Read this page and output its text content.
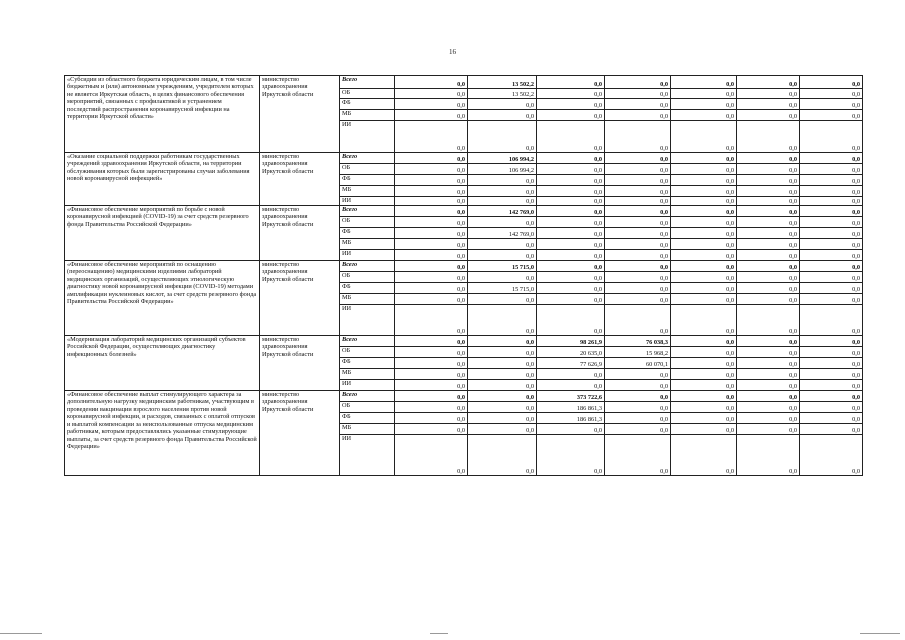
16
«Субсидии из областного бюджета юридическим лицам, в том числе бюджетным и (или) автономным учреждениям, учредителем которых не является Иркутская область, в целях финансового обеспечения мероприятий, связанных с профилактикой и устранением последствий распространения коронавирусной инфекции на территории Иркутской области»	министерство здравоохранения Иркутской области	Всего	0,0	13 502,2	0,0	0,0	0,0	0,0	0,0
		ОБ	0,0	13 502,2	0,0	0,0	0,0	0,0	0,0
		ФБ	0,0	0,0	0,0	0,0	0,0	0,0	0,0
		МБ	0,0	0,0	0,0	0,0	0,0	0,0	0,0
		ИИ	0,0	0,0	0,0	0,0	0,0	0,0	0,0
«Оказание социальной поддержки работникам государственных учреждений здравоохранения Иркутской области, на территории обслуживания которых были зарегистрированы случаи заболевания новой коронавирусной инфекцией»	министерство здравоохранения Иркутской области	Всего	0,0	106 994,2	0,0	0,0	0,0	0,0	0,0
		ОБ	0,0	106 994,2	0,0	0,0	0,0	0,0	0,0
		ФБ	0,0	0,0	0,0	0,0	0,0	0,0	0,0
		МБ	0,0	0,0	0,0	0,0	0,0	0,0	0,0
		ИИ	0,0	0,0	0,0	0,0	0,0	0,0	0,0
«Финансовое обеспечение мероприятий по борьбе с новой коронавирусной инфекцией (COVID-19) за счет средств резервного фонда Правительства Российской Федерации»	министерство здравоохранения Иркутской области	Всего	0,0	142 769,0	0,0	0,0	0,0	0,0	0,0
		ОБ	0,0	0,0	0,0	0,0	0,0	0,0	0,0
		ФБ	0,0	142 769,0	0,0	0,0	0,0	0,0	0,0
		МБ	0,0	0,0	0,0	0,0	0,0	0,0	0,0
		ИИ	0,0	0,0	0,0	0,0	0,0	0,0	0,0
«Финансовое обеспечение мероприятий по оснащению (переоснащению) медицинскими изделиями лабораторий медицинских организаций, осуществляющих этиологическую диагностику новой коронавирусной инфекции (COVID-19) методами амплификации нуклеиновых кислот, за счет средств резервного фонда Правительства Российской Федерации»	министерство здравоохранения Иркутской области	Всего	0,0	15 715,0	0,0	0,0	0,0	0,0	0,0
		ОБ	0,0	0,0	0,0	0,0	0,0	0,0	0,0
		ФБ	0,0	15 715,0	0,0	0,0	0,0	0,0	0,0
		МБ	0,0	0,0	0,0	0,0	0,0	0,0	0,0
		ИИ	0,0	0,0	0,0	0,0	0,0	0,0	0,0
«Модернизация лабораторий медицинских организаций субъектов Российской Федерации, осуществляющих диагностику инфекционных болезней»	министерство здравоохранения Иркутской области	Всего	0,0	0,0	98 261,9	76 038,3	0,0	0,0	0,0
		ОБ	0,0	0,0	20 635,0	15 968,2	0,0	0,0	0,0
		ФБ	0,0	0,0	77 626,9	60 070,1	0,0	0,0	0,0
		МБ	0,0	0,0	0,0	0,0	0,0	0,0	0,0
		ИИ	0,0	0,0	0,0	0,0	0,0	0,0	0,0
«Финансовое обеспечение выплат стимулирующего характера за дополнительную нагрузку медицинским работникам, участвующим в проведении вакцинации взрослого населения против новой коронавирусной инфекции, и расходов, связанных с оплатой отпусков и выплатой компенсации за неиспользованные отпуска медицинским работникам, которым предоставлялись указанные стимулирующие выплаты, за счет средств резервного фонда Правительства Российской Федерации»	министерство здравоохранения Иркутской области	Всего	0,0	0,0	373 722,6	0,0	0,0	0,0	0,0
		ОБ	0,0	0,0	186 861,3	0,0	0,0	0,0	0,0
		ФБ	0,0	0,0	186 861,3	0,0	0,0	0,0	0,0
		МБ	0,0	0,0	0,0	0,0	0,0	0,0	0,0
		ИИ	0,0	0,0	0,0	0,0	0,0	0,0	0,0
